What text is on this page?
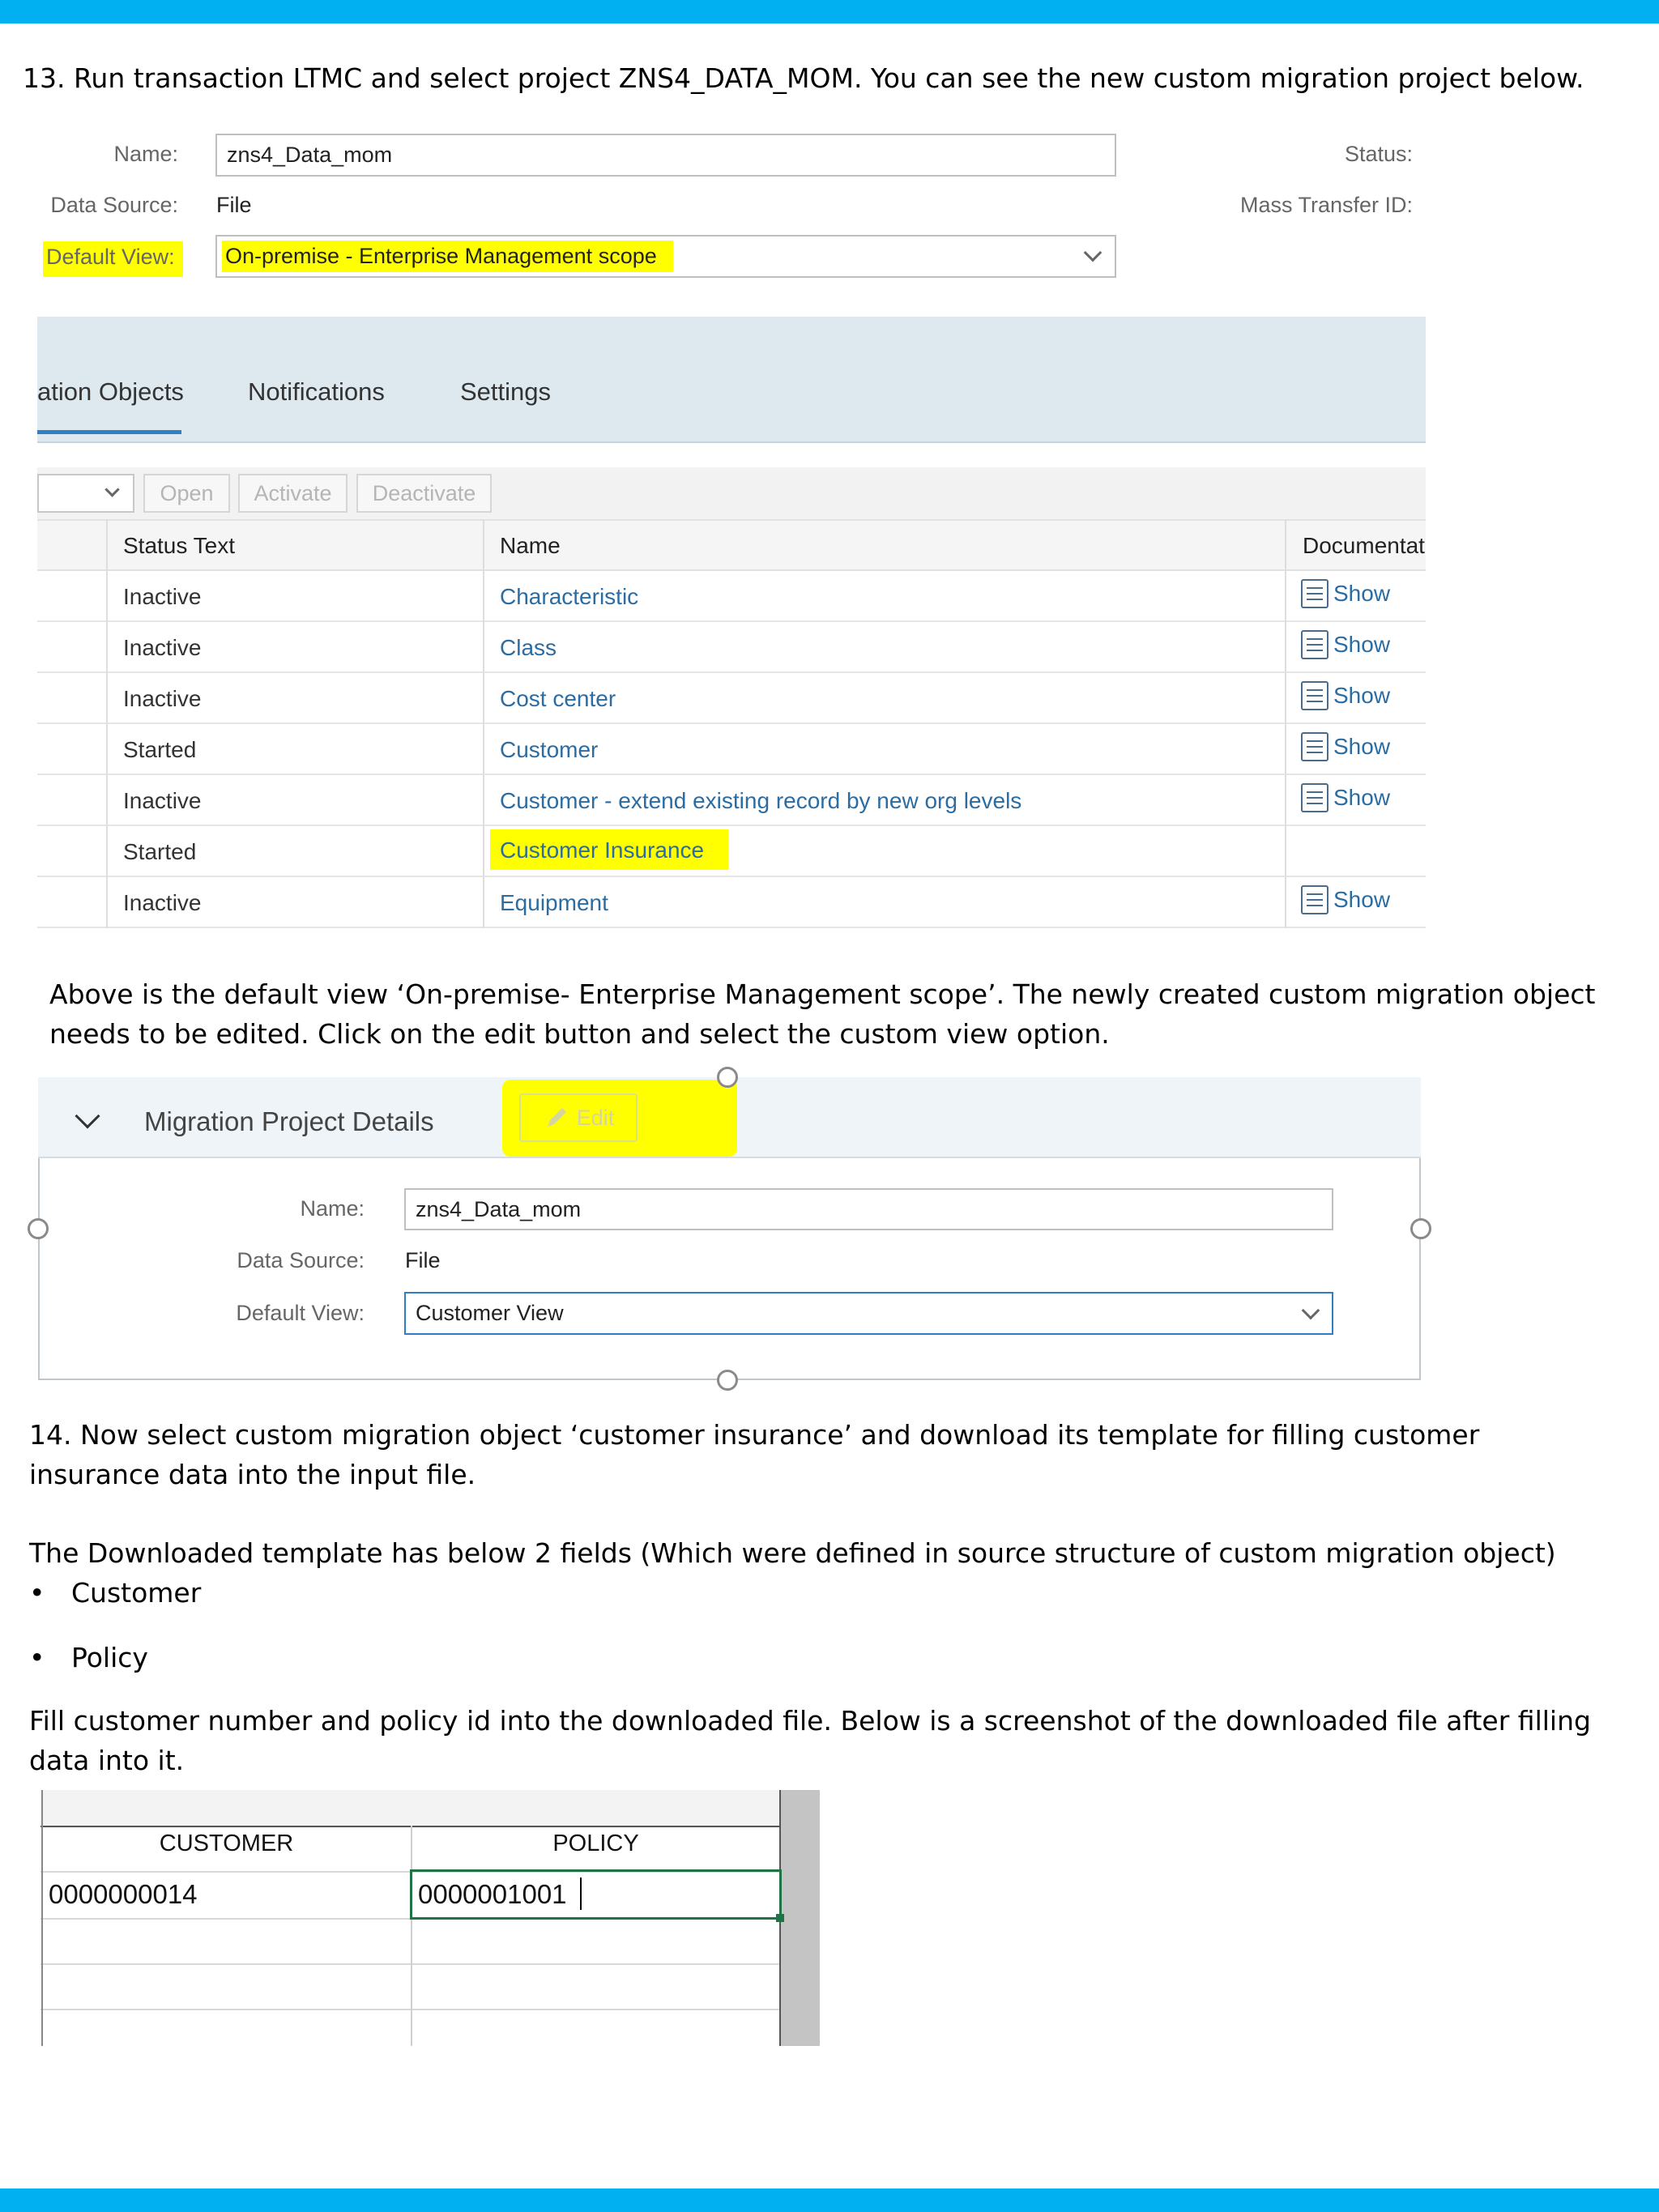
13. Run transaction LTMC and select project ZNS4_DATA_MOM. You can see the new custom migration project below.
Name:	zns4_Data_mom
Data Source: File
Default View:	On-premise - Enterprise Management scope
Status:
Mass Transfer ID:
ation Objects	Notifications	Settings
Open	Activate	Deactivate
Status Text	Name	Documentat
Inactive	Characteristic	Show
Inactive	Class	Show
Inactive	Cost center	Show
Started	Customer	Show
Inactive	Customer - extend existing record by new org levels	Show
Started	Customer Insurance
Inactive	Equipment	Show
Above is the default view ‘On-premise- Enterprise Management scope’. The newly created custom migration object needs to be edited. Click on the edit button and select the custom view option.
Migration Project Details	Edit
Name:	zns4_Data_mom
Data Source: File
Default View:	Customer View
14. Now select custom migration object ‘customer insurance’ and download its template for filling customer insurance data into the input file.
The Downloaded template has below 2 fields (Which were defined in source structure of custom migration object)
• Customer
• Policy
Fill customer number and policy id into the downloaded file. Below is a screenshot of the downloaded file after filling data into it.
CUSTOMER	POLICY
0000000014	0000001001
